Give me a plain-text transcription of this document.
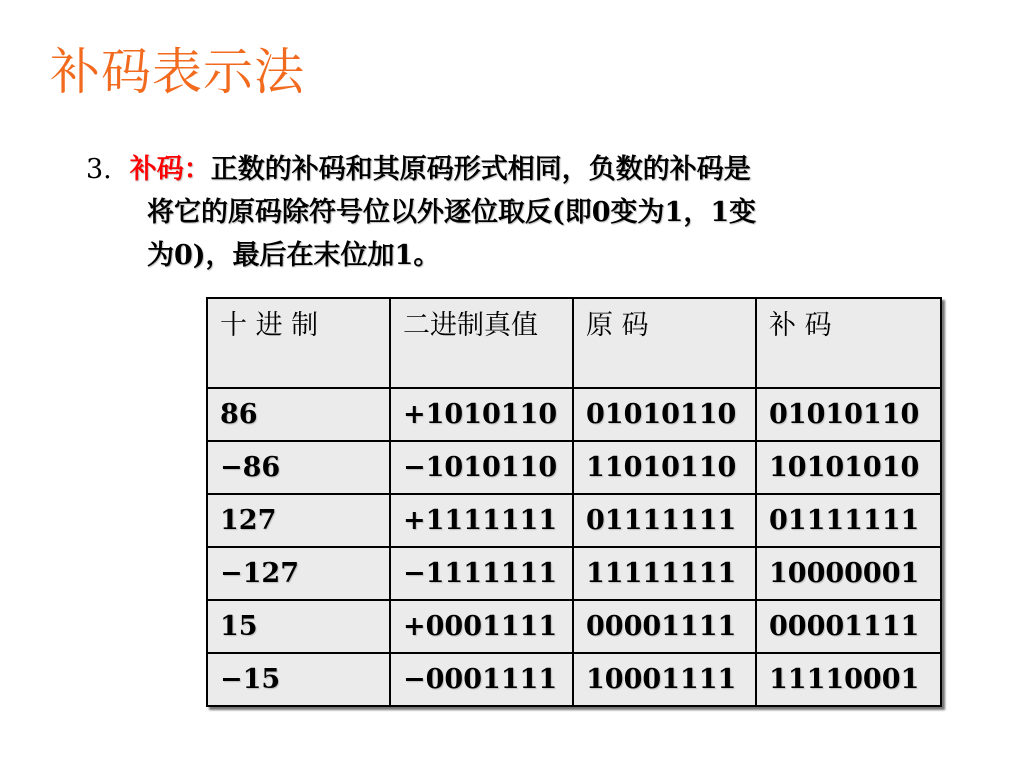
补码表示法
3. 补码：正数的补码和其原码形式相同，负数的补码是
将它的原码除符号位以外逐位取反(即0变为1，1变
为0)，最后在末位加1。
十 进 制	二进制真值	原 码	补 码
86	+1010110	01010110	01010110
−86	−1010110	11010110	10101010
127	+1111111	01111111	01111111
−127	−1111111	11111111	10000001
15	+0001111	00001111	00001111
−15	−0001111	10001111	11110001
